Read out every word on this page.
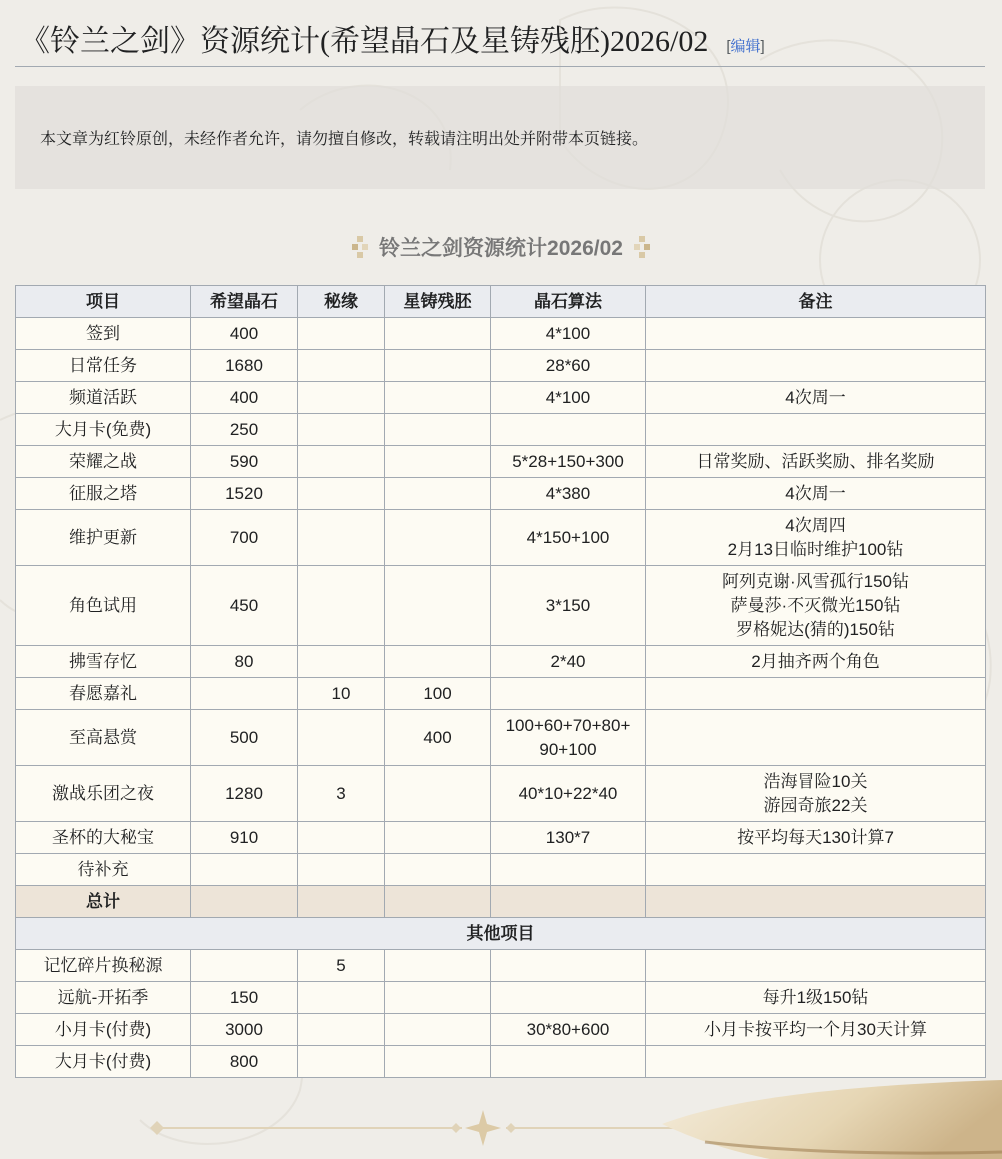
《铃兰之剑》资源统计(希望晶石及星铸残胚)2026/02 [编辑]
本文章为红铃原创，未经作者允许，请勿擅自修改，转载请注明出处并附带本页链接。
铃兰之剑资源统计2026/02
项目	希望晶石	秘缘	星铸残胚	晶石算法	备注

签到	400			4*100	

日常任务	1680			28*60	

频道活跃	400			4*100	4次周一

大月卡(免费)	250				

荣耀之战	590			5*28+150+300	日常奖励、活跃奖励、排名奖励

征服之塔	1520			4*380	4次周一

维护更新	700			4*150+100	4次周四
2月13日临时维护100钻

角色试用	450			3*150	阿列克谢·风雪孤行150钻
萨曼莎·不灭微光150钻
罗格妮达(猜的)150钻

拂雪存忆	80			2*40	2月抽齐两个角色

春愿嘉礼		10	100		

至高悬赏	500		400	100+60+70+80+
90+100	

激战乐团之夜	1280	3		40*10+22*40	浩海冒险10关
游园奇旅22关

圣杯的大秘宝	910			130*7	按平均每天130计算7

待补充					

总计					

其他项目					

记忆碎片换秘源		5			

远航-开拓季	150				每升1级150钻

小月卡(付费)	3000			30*80+600	小月卡按平均一个月30天计算

大月卡(付费)	800				
